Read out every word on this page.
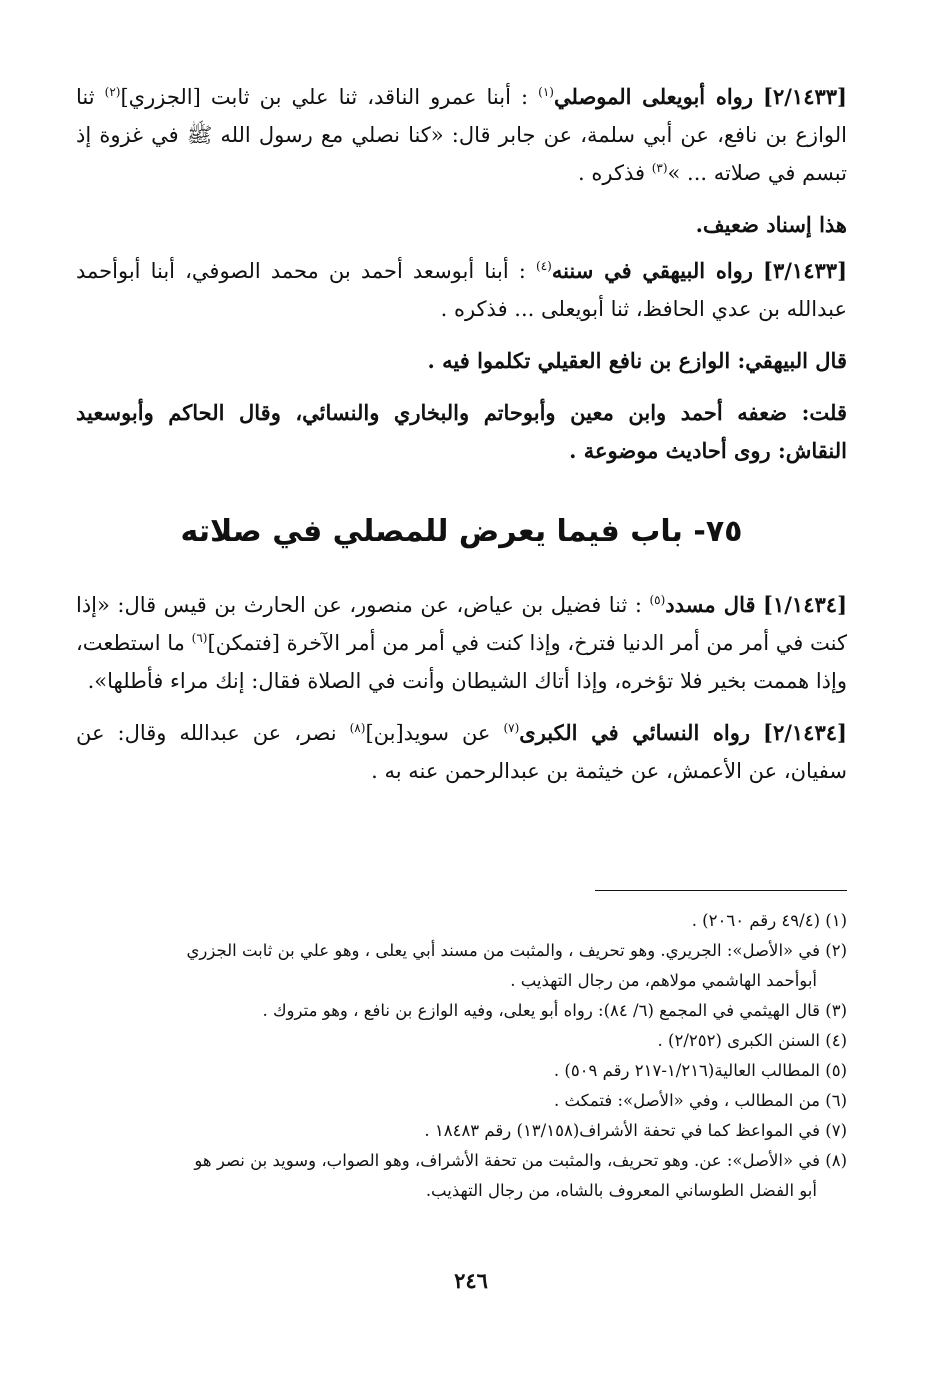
[٢/١٤٣٣] رواه أبويعلى الموصلي$^{(١)}$ : أبنا عمرو الناقد، ثنا علي بن ثابت [الجزري]$^{(٢)}$ ثنا الوازع بن نافع، عن أبي سلمة، عن جابر قال: «كنا نصلي مع رسول الله ﷺ في غزوة إذ تبسم في صلاته ... »$^{(٣)}$ فذكره .

هذا إسناد ضعيف.

[٣/١٤٣٣] رواه البيهقي في سننه$^{(٤)}$ : أبنا أبوسعد أحمد بن محمد الصوفي، أبنا أبوأحمد عبدالله بن عدي الحافظ، ثنا أبويعلى ... فذكره .

قال البيهقي: الوازع بن نافع العقيلي تكلموا فيه .

قلت: ضعفه أحمد وابن معين وأبوحاتم والبخاري والنسائي، وقال الحاكم وأبوسعيد النقاش: روى أحاديث موضوعة .

٧٥- باب فيما يعرض للمصلي في صلاته

[١/١٤٣٤] قال مسدد$^{(٥)}$ : ثنا فضيل بن عياض، عن منصور، عن الحارث بن قيس قال: «إذا كنت في أمر من أمر الدنيا فترخ، وإذا كنت في أمر من أمر الآخرة [فتمكن]$^{(٦)}$ ما استطعت، وإذا هممت بخير فلا تؤخره، وإذا أتاك الشيطان وأنت في الصلاة فقال: إنك مراء فأطلها».

[٢/١٤٣٤] رواه النسائي في الكبرى$^{(٧)}$ عن سويد[بن]$^{(٨)}$ نصر، عن عبدالله وقال: عن سفيان، عن الأعمش، عن خيثمة بن عبدالرحمن عنه به .

(١) (٤٩/٤ رقم ٢٠٦٠) .

(٢) في «الأصل»: الجريري. وهو تحريف ، والمثبت من مسند أبي يعلى ، وهو علي بن ثابت الجزري

أبوأحمد الهاشمي مولاهم، من رجال التهذيب .

(٣) قال الهيثمي في المجمع (٦/ ٨٤): رواه أبو يعلى، وفيه الوازع بن نافع ، وهو متروك .

(٤) السنن الكبرى (٢/٢٥٢) .

(٥) المطالب العالية(١/٢١٦-٢١٧ رقم ٥٠٩) .

(٦) من المطالب ، وفي «الأصل»: فتمكث .

(٧) في المواعظ كما في تحفة الأشراف(١٣/١٥٨) رقم ١٨٤٨٣ .

(٨) في «الأصل»: عن. وهو تحريف، والمثبت من تحفة الأشراف، وهو الصواب، وسويد بن نصر هو

أبو الفضل الطوساني المعروف بالشاه، من رجال التهذيب.

٢٤٦
